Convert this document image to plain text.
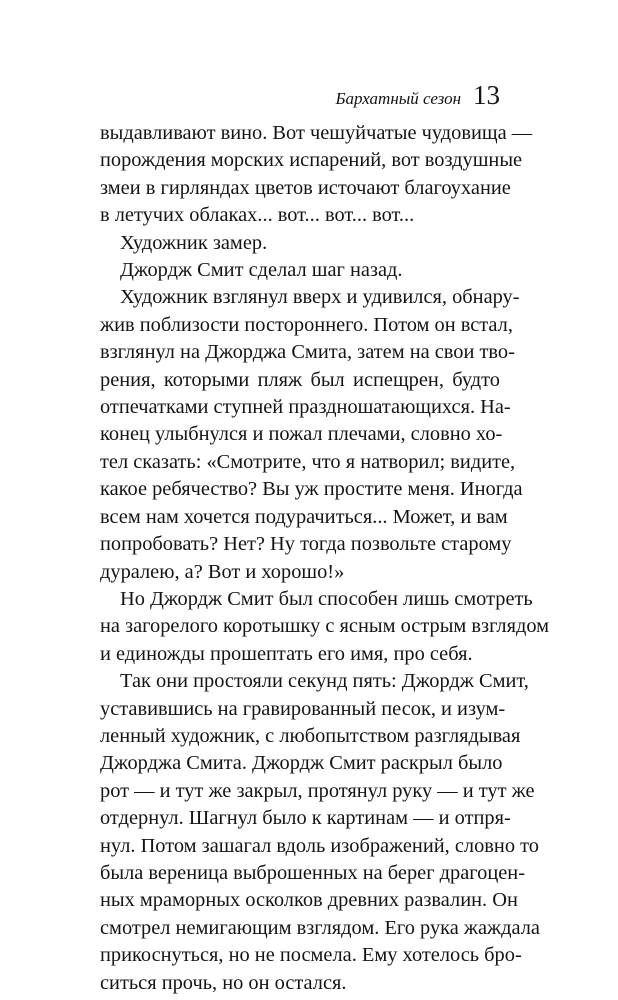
Бархатный сезон 13
выдавливают вино. Вот чешуйчатые чудовища —
порождения морских испарений, вот воздушные
змеи в гирляндах цветов источают благоухание
в летучих облаках... вот... вот... вот...
Художник замер.
Джордж Смит сделал шаг назад.
Художник взглянул вверх и удивился, обнару-
жив поблизости постороннего. Потом он встал,
взглянул на Джорджа Смита, затем на свои тво-
рения, которыми пляж был испещрен, будто
отпечатками ступней праздношатающихся. На-
конец улыбнулся и пожал плечами, словно хо-
тел сказать: «Смотрите, что я натворил; видите,
какое ребячество? Вы уж простите меня. Иногда
всем нам хочется подурачиться... Может, и вам
попробовать? Нет? Ну тогда позвольте старому
дуралею, а? Вот и хорошо!»
Но Джордж Смит был способен лишь смотреть
на загорелого коротышку с ясным острым взглядом
и единожды прошептать его имя, про себя.
Так они простояли секунд пять: Джордж Смит,
уставившись на гравированный песок, и изум-
ленный художник, с любопытством разглядывая
Джорджа Смита. Джордж Смит раскрыл было
рот — и тут же закрыл, протянул руку — и тут же
отдернул. Шагнул было к картинам — и отпря-
нул. Потом зашагал вдоль изображений, словно то
была вереница выброшенных на берег драгоцен-
ных мраморных осколков древних развалин. Он
смотрел немигающим взглядом. Его рука жаждала
прикоснуться, но не посмела. Ему хотелось бро-
ситься прочь, но он остался.
